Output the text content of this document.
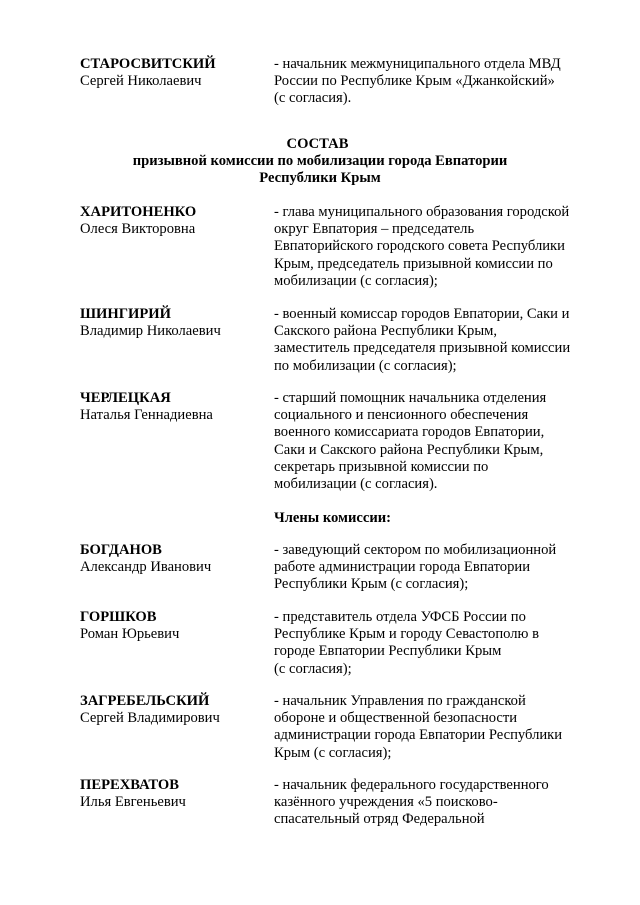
СТАРОСВИТСКИЙ
Сергей Николаевич
- начальник межмуниципального отдела МВД
России по Республике Крым «Джанкойский»
(с согласия).
СОСТАВ
призывной комиссии по мобилизации города Евпатории
Республики Крым
ХАРИТОНЕНКО
Олеся Викторовна
- глава муниципального образования городской
округ Евпатория – председатель
Евпаторийского городского совета Республики
Крым, председатель призывной комиссии по
мобилизации (с согласия);
ШИНГИРИЙ
Владимир Николаевич
- военный комиссар городов Евпатории, Саки и
Сакского района Республики Крым,
заместитель председателя призывной комиссии
по мобилизации (с согласия);
ЧЕРЛЕЦКАЯ
Наталья Геннадиевна
- старший помощник начальника отделения
социального и пенсионного обеспечения
военного комиссариата городов Евпатории,
Саки и Сакского района Республики Крым,
секретарь призывной комиссии по
мобилизации (с согласия).
Члены комиссии:
БОГДАНОВ
Александр Иванович
- заведующий сектором по мобилизационной
работе администрации города Евпатории
Республики Крым (с согласия);
ГОРШКОВ
Роман Юрьевич
- представитель отдела УФСБ России по
Республике Крым и городу Севастополю в
городе Евпатории Республики Крым
(с согласия);
ЗАГРЕБЕЛЬСКИЙ
Сергей Владимирович
- начальник Управления по гражданской
обороне и общественной безопасности
администрации города Евпатории Республики
Крым (с согласия);
ПЕРЕХВАТОВ
Илья Евгеньевич
- начальник федерального государственного
казённого учреждения «5 поисково-
спасательный отряд Федеральной
